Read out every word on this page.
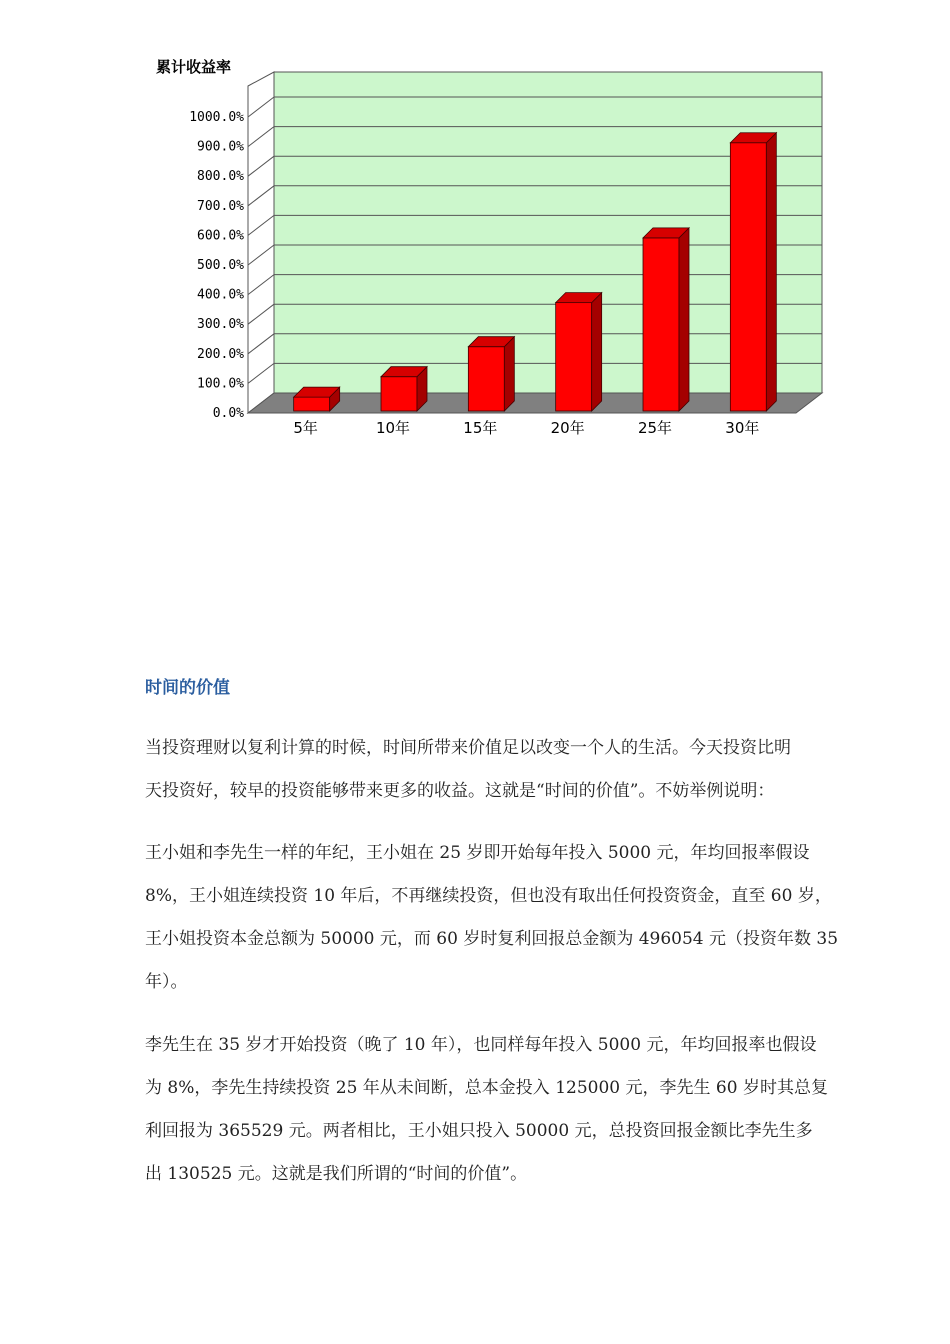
0.0%
100.0%
200.0%
300.0%
400.0%
500.0%
600.0%
700.0%
800.0%
900.0%
1000.0%
累计收益率
5年	10年	15年	20年	25年	30年
时间的价值

当投资理财以复利计算的时候，时间所带来价值足以改变一个人的生活。今天投资比明

天投资好，较早的投资能够带来更多的收益。这就是“时间的价值”。不妨举例说明：

王小姐和李先生一样的年纪，王小姐在 25 岁即开始每年投入 5000 元，年均回报率假设

8%，王小姐连续投资 10 年后，不再继续投资，但也没有取出任何投资资金，直至 60 岁，

王小姐投资本金总额为 50000 元，而 60 岁时复利回报总金额为 496054 元（投资年数 35

年）。

李先生在 35 岁才开始投资（晚了 10 年），也同样每年投入 5000 元，年均回报率也假设

为 8%，李先生持续投资 25 年从未间断，总本金投入 125000 元，李先生 60 岁时其总复

利回报为 365529 元。两者相比，王小姐只投入 50000 元，总投资回报金额比李先生多

出 130525 元。这就是我们所谓的“时间的价值”。
